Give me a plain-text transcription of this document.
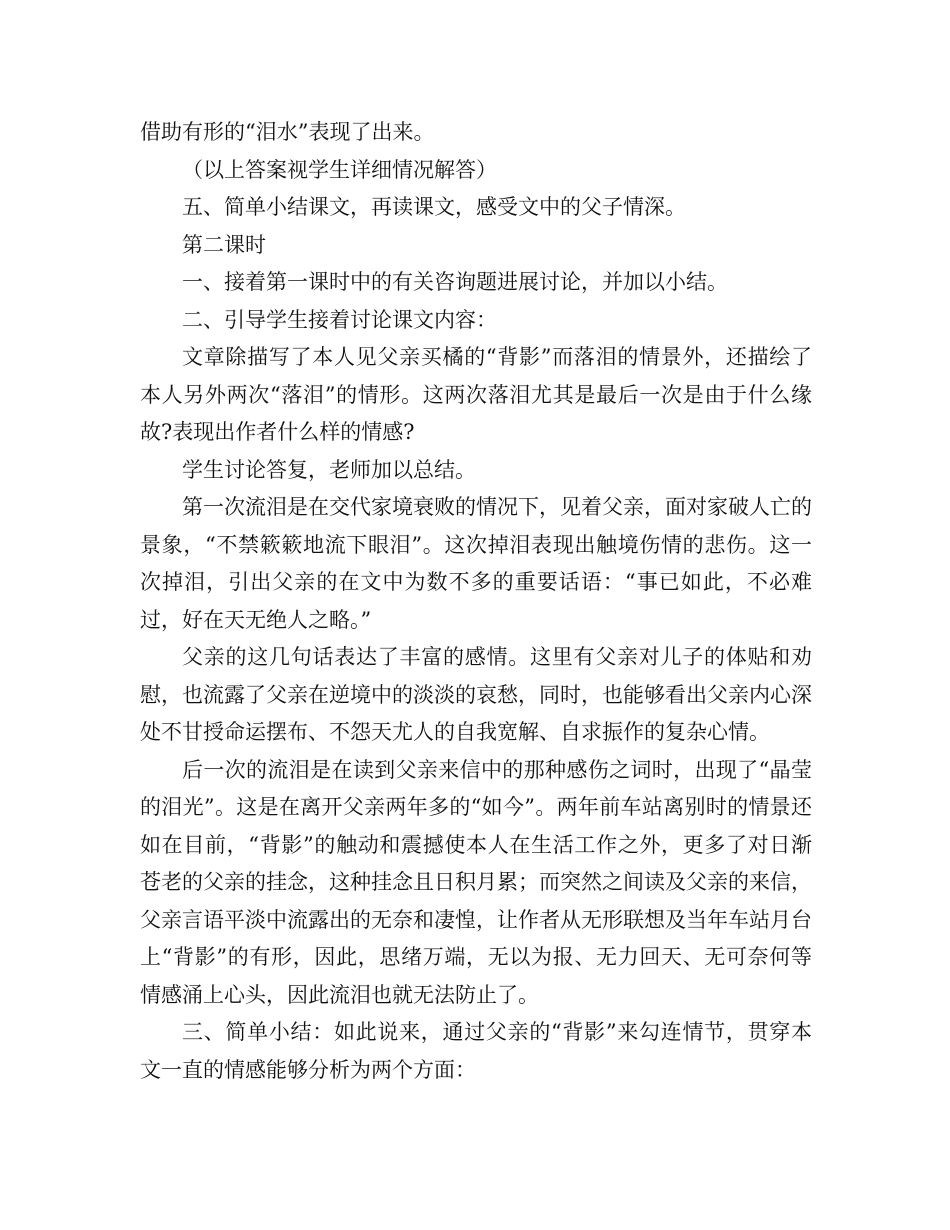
借助有形的“泪水”表现了出来。

（以上答案视学生详细情况解答）

五、简单小结课文，再读课文，感受文中的父子情深。

第二课时

一、接着第一课时中的有关咨询题进展讨论，并加以小结。

二、引导学生接着讨论课文内容：

文章除描写了本人见父亲买橘的“背影”而落泪的情景外，还描绘了本人另外两次“落泪”的情形。这两次落泪尤其是最后一次是由于什么缘故?表现出作者什么样的情感?

学生讨论答复，老师加以总结。

第一次流泪是在交代家境衰败的情况下，见着父亲，面对家破人亡的景象，“不禁簌簌地流下眼泪”。这次掉泪表现出触境伤情的悲伤。这一次掉泪，引出父亲的在文中为数不多的重要话语：“事已如此，不必难过，好在天无绝人之略。”

父亲的这几句话表达了丰富的感情。这里有父亲对儿子的体贴和劝慰，也流露了父亲在逆境中的淡淡的哀愁，同时，也能够看出父亲内心深处不甘授命运摆布、不怨天尤人的自我宽解、自求振作的复杂心情。

后一次的流泪是在读到父亲来信中的那种感伤之词时，出现了“晶莹的泪光”。这是在离开父亲两年多的“如今”。两年前车站离别时的情景还如在目前，“背影”的触动和震撼使本人在生活工作之外，更多了对日渐苍老的父亲的挂念，这种挂念且日积月累；而突然之间读及父亲的来信，父亲言语平淡中流露出的无奈和凄惶，让作者从无形联想及当年车站月台上“背影”的有形，因此，思绪万端，无以为报、无力回天、无可奈何等情感涌上心头，因此流泪也就无法防止了。

三、简单小结：如此说来，通过父亲的“背影”来勾连情节，贯穿本文一直的情感能够分析为两个方面：
